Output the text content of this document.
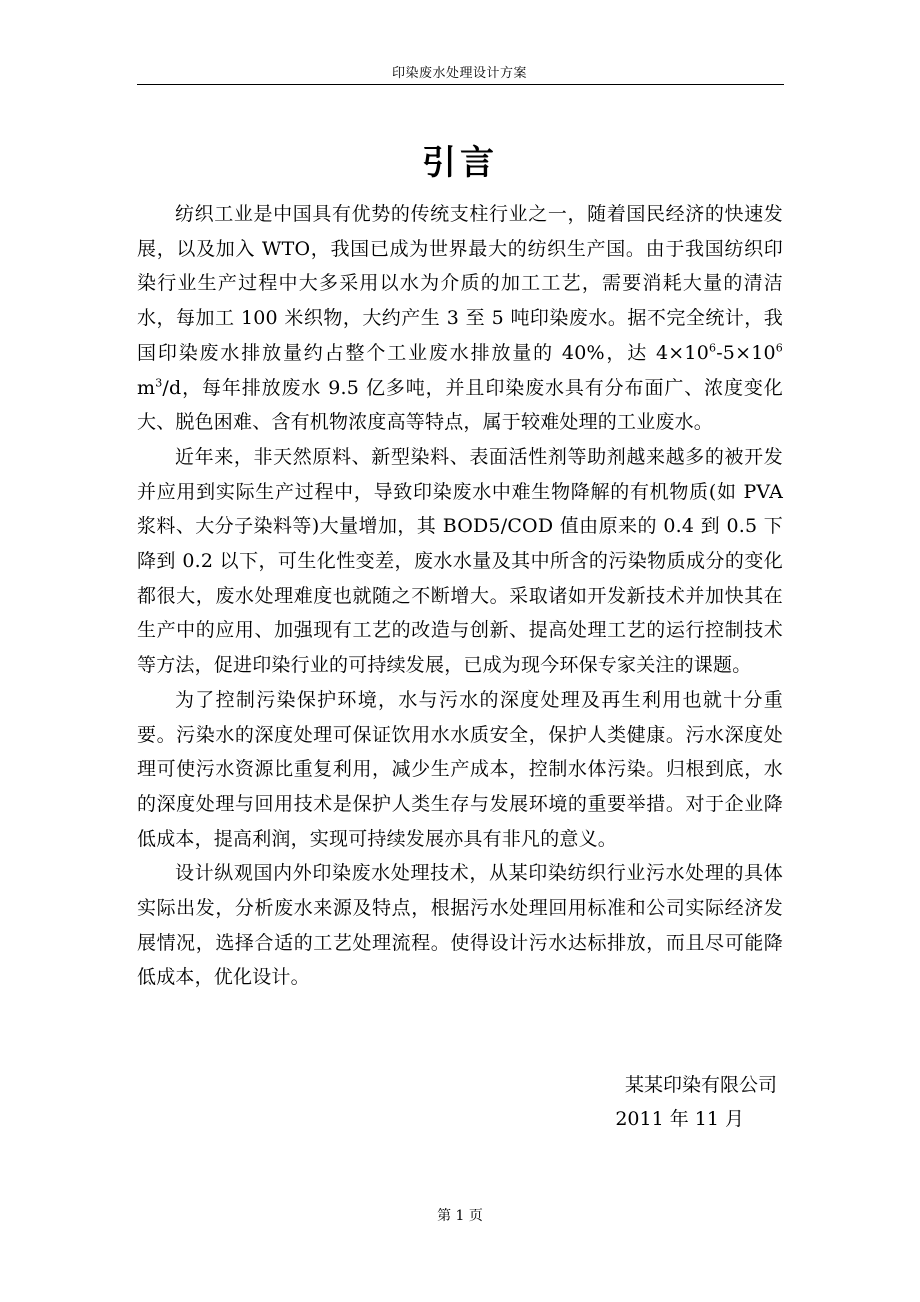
印染废水处理设计方案
引言

纺织工业是中国具有优势的传统支柱行业之一，随着国民经济的快速发展，以及加入 WTO，我国已成为世界最大的纺织生产国。由于我国纺织印染行业生产过程中大多采用以水为介质的加工工艺，需要消耗大量的清洁水，每加工 100 米织物，大约产生 3 至 5 吨印染废水。据不完全统计，我国印染废水排放量约占整个工业废水排放量的 40%，达 $4\times 10^6-5\times 10^6$ $m^3/d$，每年排放废水 9.5 亿多吨，并且印染废水具有分布面广、浓度变化大、脱色困难、含有机物浓度高等特点，属于较难处理的工业废水。

近年来，非天然原料、新型染料、表面活性剂等助剂越来越多的被开发并应用到实际生产过程中，导致印染废水中难生物降解的有机物质(如 PVA 浆料、大分子染料等)大量增加，其 BOD5/COD 值由原来的 0.4 到 0.5 下降到 0.2 以下，可生化性变差，废水水量及其中所含的污染物质成分的变化都很大，废水处理难度也就随之不断增大。采取诸如开发新技术并加快其在生产中的应用、加强现有工艺的改造与创新、提高处理工艺的运行控制技术等方法，促进印染行业的可持续发展，已成为现今环保专家关注的课题。

为了控制污染保护环境，水与污水的深度处理及再生利用也就十分重要。污染水的深度处理可保证饮用水水质安全，保护人类健康。污水深度处理可使污水资源比重复利用，减少生产成本，控制水体污染。归根到底，水的深度处理与回用技术是保护人类生存与发展环境的重要举措。对于企业降低成本，提高利润，实现可持续发展亦具有非凡的意义。

设计纵观国内外印染废水处理技术，从某印染纺织行业污水处理的具体实际出发，分析废水来源及特点，根据污水处理回用标准和公司实际经济发展情况，选择合适的工艺处理流程。使得设计污水达标排放，而且尽可能降低成本，优化设计。

某某印染有限公司
2011 年 11 月
第 1 页
